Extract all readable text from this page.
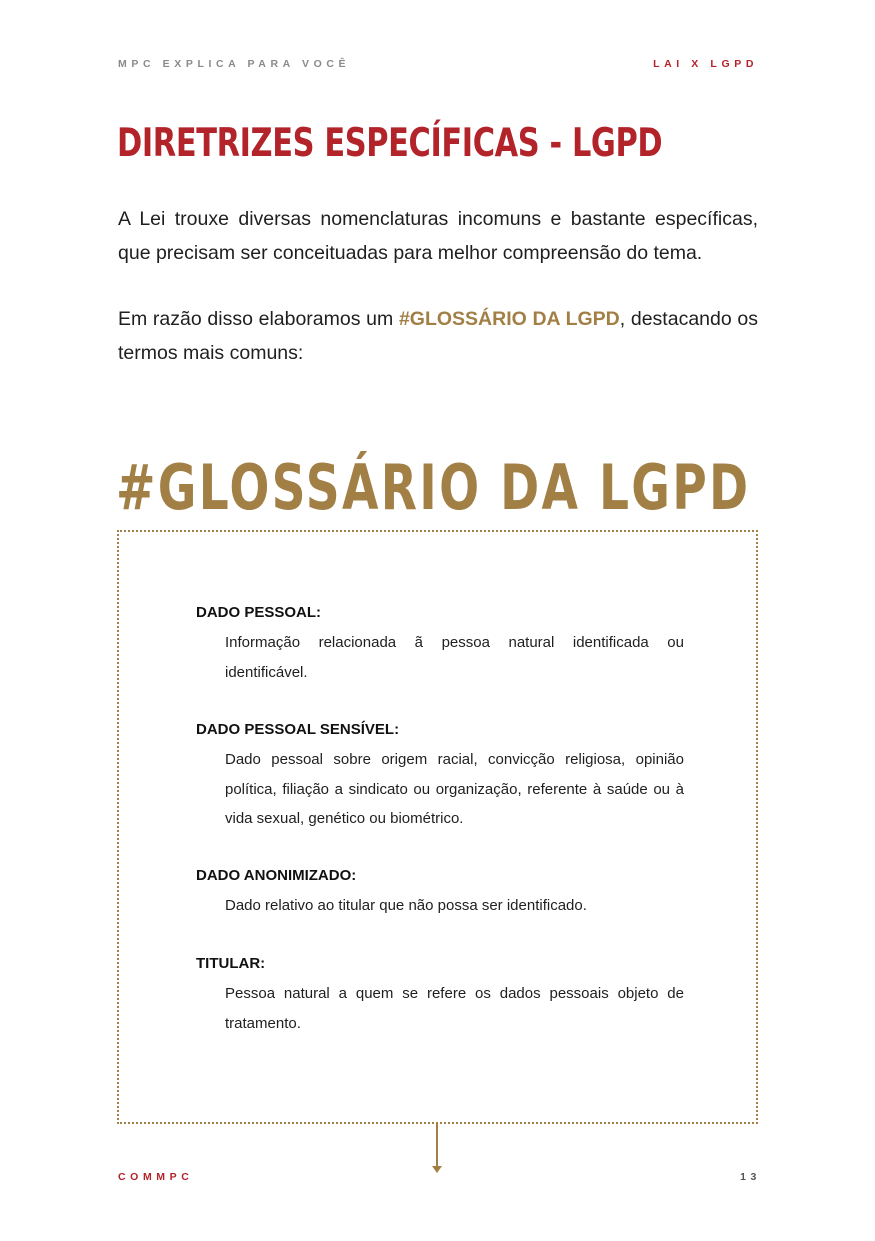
MPC EXPLICA PARA VOCÊ	LAI X LGPD
DIRETRIZES ESPECÍFICAS - LGPD

A Lei trouxe diversas nomenclaturas incomuns e bastante específicas, que precisam ser conceituadas para melhor compreensão do tema.

Em razão disso elaboramos um #GLOSSÁRIO DA LGPD, destacando os termos mais comuns:

#GLOSSÁRIO DA LGPD

DADO PESSOAL:

Informação relacionada ã pessoa natural identificada ou identificável.

DADO PESSOAL SENSÍVEL:

Dado pessoal sobre origem racial, convicção religiosa, opinião política, filiação a sindicato ou organização, referente à saúde ou à vida sexual, genético ou biométrico.

DADO ANONIMIZADO:

Dado relativo ao titular que não possa ser identificado.

TITULAR:

Pessoa natural a quem se refere os dados pessoais objeto de tratamento.

COMMPC	13
